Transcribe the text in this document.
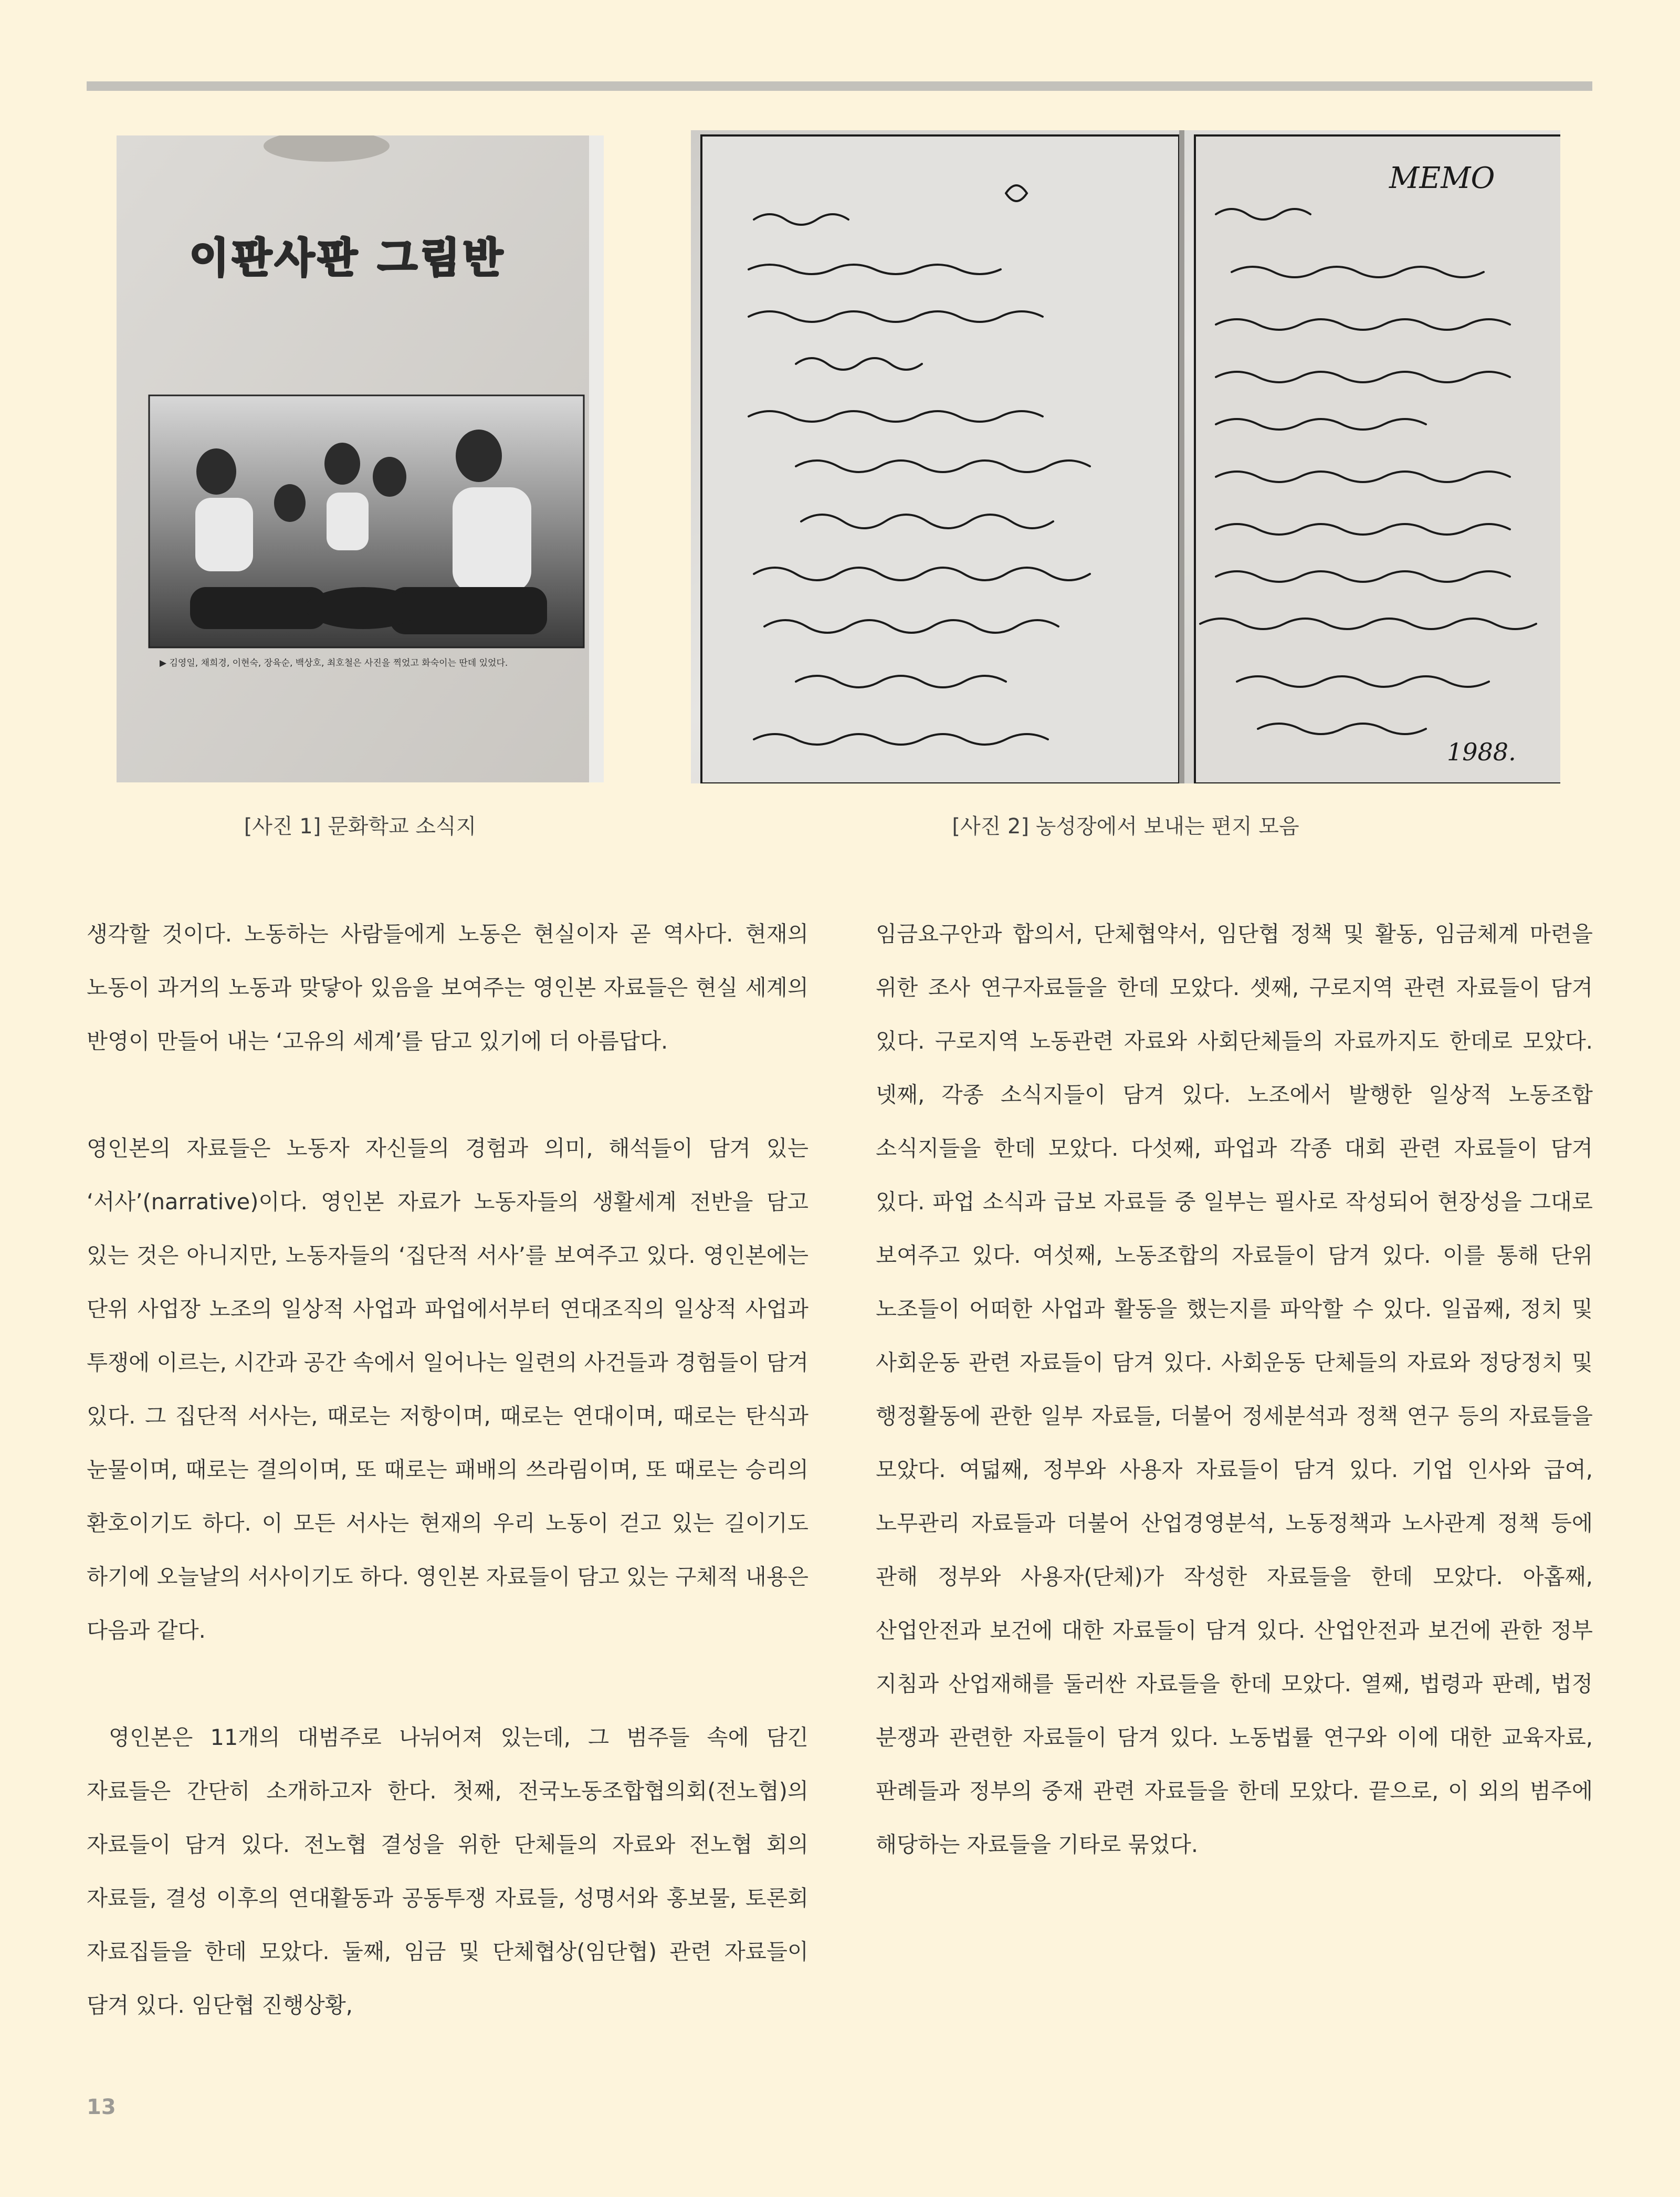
이판사판 그림반
▶ 김영일, 채희경, 이현숙, 장육순, 백상호, 최호철은 사진을 찍었고 화숙이는 딴데 있었다.
MEMO
1988.
[사진 1] 문화학교 소식지	[사진 2] 농성장에서 보내는 편지 모음

생각할 것이다. 노동하는 사람들에게 노동은 현실이자 곧 역사다. 현재의 노동이 과거의 노동과 맞닿아 있음을 보여주는 영인본 자료들은 현실 세계의 반영이 만들어 내는 ‘고유의 세계’를 담고 있기에 더 아름답다.

영인본의 자료들은 노동자 자신들의 경험과 의미, 해석들이 담겨 있는 ‘서사’(narrative)이다. 영인본 자료가 노동자들의 생활세계 전반을 담고 있는 것은 아니지만, 노동자들의 ‘집단적 서사’를 보여주고 있다. 영인본에는 단위 사업장 노조의 일상적 사업과 파업에서부터 연대조직의 일상적 사업과 투쟁에 이르는, 시간과 공간 속에서 일어나는 일련의 사건들과 경험들이 담겨 있다. 그 집단적 서사는, 때로는 저항이며, 때로는 연대이며, 때로는 탄식과 눈물이며, 때로는 결의이며, 또 때로는 패배의 쓰라림이며, 또 때로는 승리의 환호이기도 하다. 이 모든 서사는 현재의 우리 노동이 걷고 있는 길이기도 하기에 오늘날의 서사이기도 하다. 영인본 자료들이 담고 있는 구체적 내용은 다음과 같다.

영인본은 11개의 대범주로 나뉘어져 있는데, 그 범주들 속에 담긴 자료들은 간단히 소개하고자 한다. 첫째, 전국노동조합협의회(전노협)의 자료들이 담겨 있다. 전노협 결성을 위한 단체들의 자료와 전노협 회의 자료들, 결성 이후의 연대활동과 공동투쟁 자료들, 성명서와 홍보물, 토론회 자료집들을 한데 모았다. 둘째, 임금 및 단체협상(임단협) 관련 자료들이 담겨 있다. 임단협 진행상황,

임금요구안과 합의서, 단체협약서, 임단협 정책 및 활동, 임금체계 마련을 위한 조사 연구자료들을 한데 모았다. 셋째, 구로지역 관련 자료들이 담겨 있다. 구로지역 노동관련 자료와 사회단체들의 자료까지도 한데로 모았다. 넷째, 각종 소식지들이 담겨 있다. 노조에서 발행한 일상적 노동조합 소식지들을 한데 모았다. 다섯째, 파업과 각종 대회 관련 자료들이 담겨 있다. 파업 소식과 급보 자료들 중 일부는 필사로 작성되어 현장성을 그대로 보여주고 있다. 여섯째, 노동조합의 자료들이 담겨 있다. 이를 통해 단위 노조들이 어떠한 사업과 활동을 했는지를 파악할 수 있다. 일곱째, 정치 및 사회운동 관련 자료들이 담겨 있다. 사회운동 단체들의 자료와 정당정치 및 행정활동에 관한 일부 자료들, 더불어 정세분석과 정책 연구 등의 자료들을 모았다. 여덟째, 정부와 사용자 자료들이 담겨 있다. 기업 인사와 급여, 노무관리 자료들과 더불어 산업경영분석, 노동정책과 노사관계 정책 등에 관해 정부와 사용자(단체)가 작성한 자료들을 한데 모았다. 아홉째, 산업안전과 보건에 대한 자료들이 담겨 있다. 산업안전과 보건에 관한 정부 지침과 산업재해를 둘러싼 자료들을 한데 모았다. 열째, 법령과 판례, 법정 분쟁과 관련한 자료들이 담겨 있다. 노동법률 연구와 이에 대한 교육자료, 판례들과 정부의 중재 관련 자료들을 한데 모았다. 끝으로, 이 외의 범주에 해당하는 자료들을 기타로 묶었다.

13
